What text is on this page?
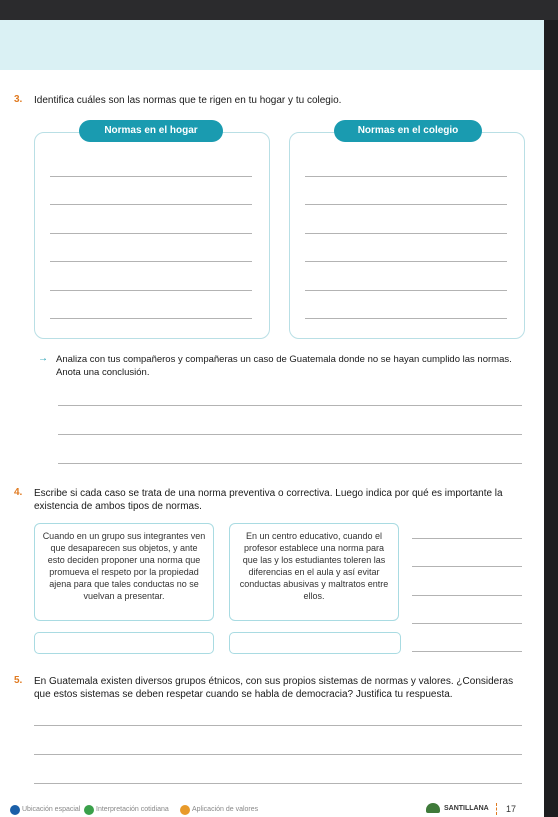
3. Identifica cuáles son las normas que te rigen en tu hogar y tu colegio.
Normas en el hogar	Normas en el colegio
→ Analiza con tus compañeros y compañeras un caso de Guatemala donde no se hayan cumplido las normas. Anota una conclusión.
4. Escribe si cada caso se trata de una norma preventiva o correctiva. Luego indica por qué es importante la existencia de ambos tipos de normas.
Cuando en un grupo sus integrantes ven que desaparecen sus objetos, y ante esto deciden proponer una norma que promueva el respeto por la propiedad ajena para que tales conductas no se vuelvan a presentar.
En un centro educativo, cuando el profesor establece una norma para que las y los estudiantes toleren las diferencias en el aula y así evitar conductas abusivas y maltratos entre ellos.
5. En Guatemala existen diversos grupos étnicos, con sus propios sistemas de normas y valores. ¿Consideras que estos sistemas se deben respetar cuando se habla de democracia? Justifica tu respuesta.
Ubicación espacial Interpretación cotidiana	Aplicación de valores	SANTILLANA 17
